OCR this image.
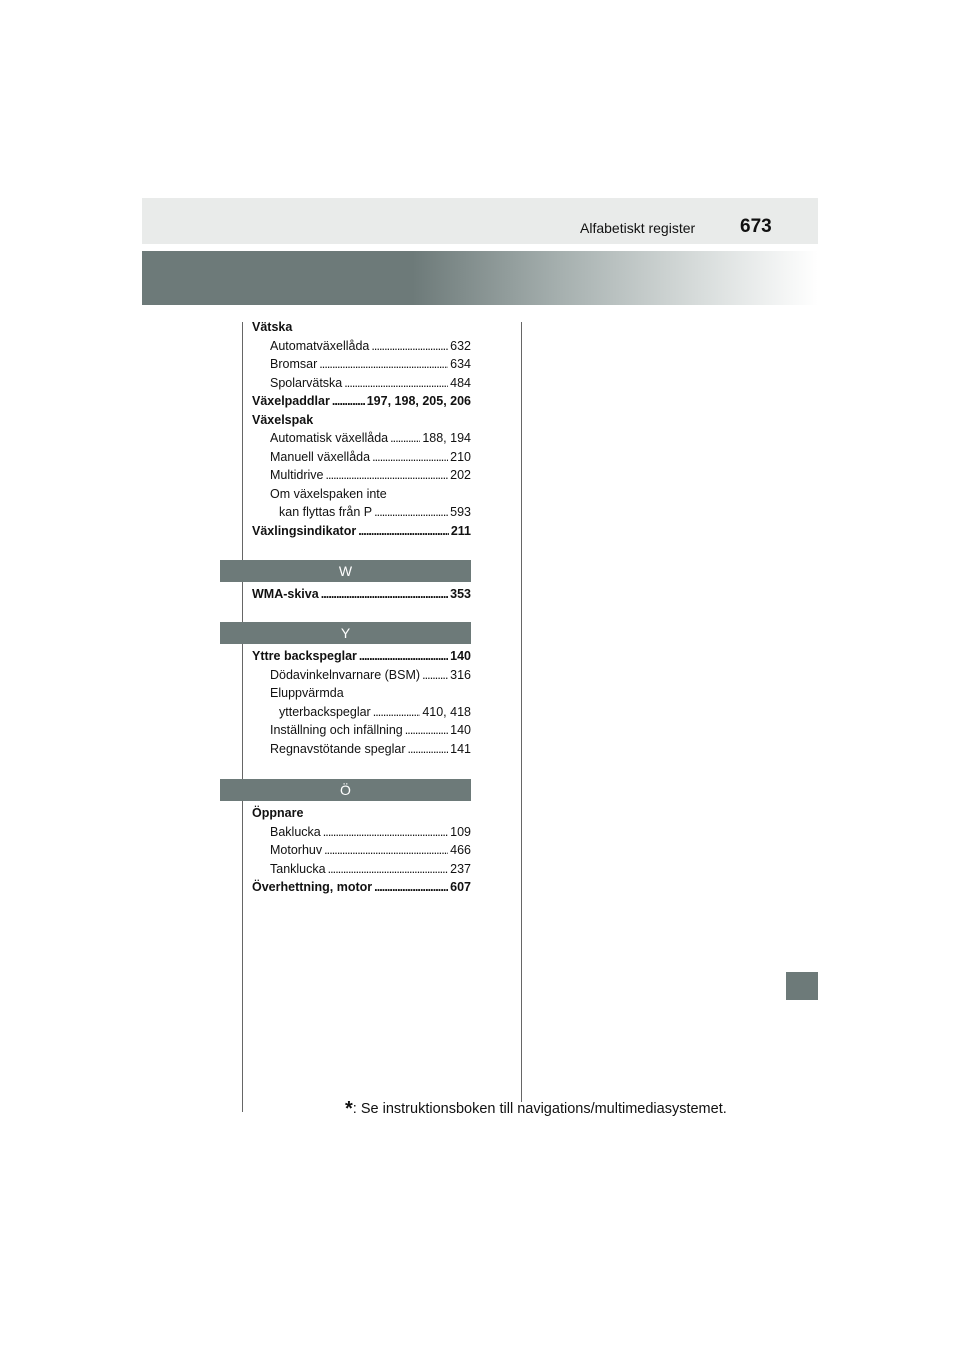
Alfabetiskt register 673
Vätska
Automatväxellåda . . .	632
Bromsar . . .	634
Spolarvätska . . .	484
Växelpaddlar . . .	197, 198, 205, 206
Växelspak
Automatisk växellåda . . .	188, 194
Manuell växellåda . . .	210
Multidrive . . .	202
Om växelspaken inte
kan flyttas från P . . .	593
Växlingsindikator . . .	211
WMA-skiva . . .	353
Yttre backspeglar . . .	140
Dödavinkelnvarnare (BSM) . . . 316
Eluppvärmda
ytterbackspeglar . . .	410, 418
Inställning och infällning . . .	140
Regnavstötande speglar . . .	141
Öppnare
Baklucka . . .	109
Motorhuv . . .	466
Tanklucka . . .	237
Överhettning, motor . . .	607
*: Se instruktionsboken till navigations/multimediasystemet.
W
Y
Ö
